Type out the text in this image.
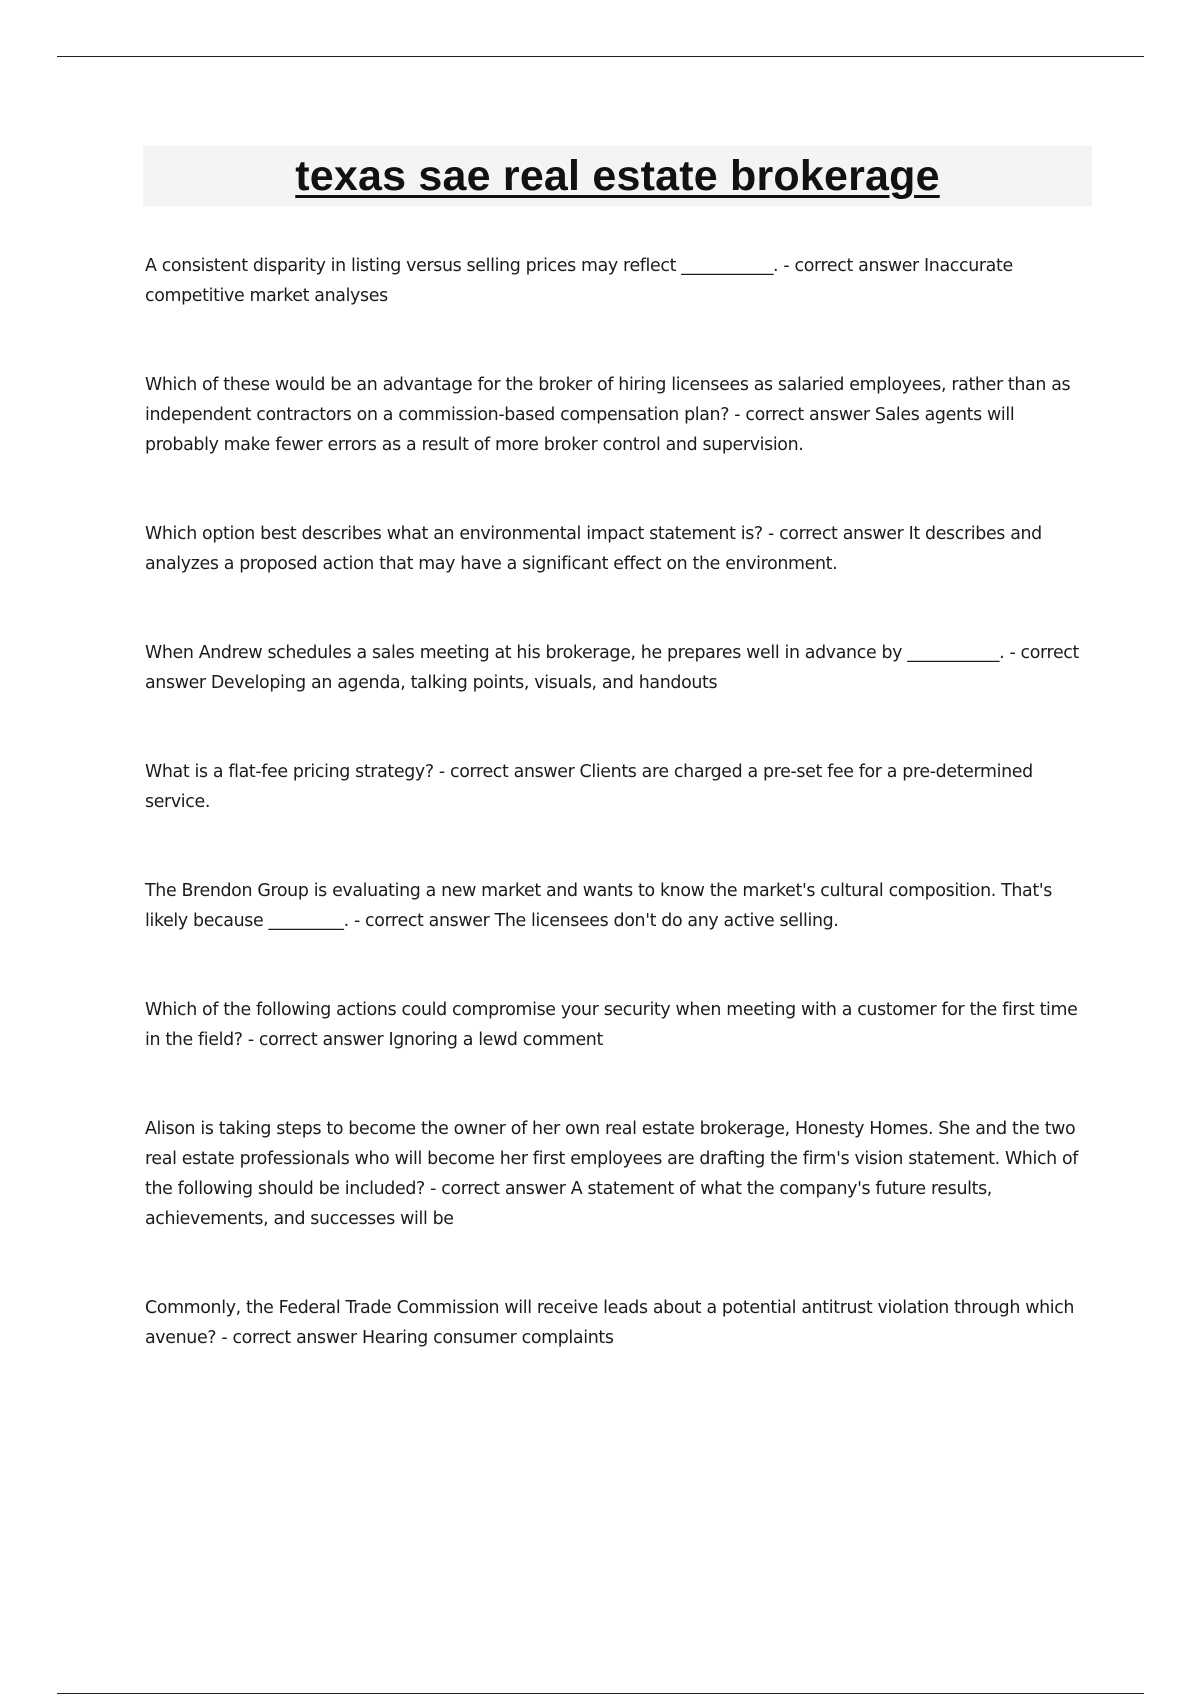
texas sae real estate brokerage

A consistent disparity in listing versus selling prices may reflect ___________. - correct answer Inaccurate competitive market analyses

Which of these would be an advantage for the broker of hiring licensees as salaried employees, rather than as independent contractors on a commission-based compensation plan? - correct answer Sales agents will probably make fewer errors as a result of more broker control and supervision.

Which option best describes what an environmental impact statement is? - correct answer It describes and analyzes a proposed action that may have a significant effect on the environment.

When Andrew schedules a sales meeting at his brokerage, he prepares well in advance by ___________. - correct answer Developing an agenda, talking points, visuals, and handouts

What is a flat-fee pricing strategy? - correct answer Clients are charged a pre-set fee for a pre-determined service.

The Brendon Group is evaluating a new market and wants to know the market's cultural composition. That's likely because _________. - correct answer The licensees don't do any active selling.

Which of the following actions could compromise your security when meeting with a customer for the first time in the field? - correct answer Ignoring a lewd comment

Alison is taking steps to become the owner of her own real estate brokerage, Honesty Homes. She and the two real estate professionals who will become her first employees are drafting the firm's vision statement. Which of the following should be included? - correct answer A statement of what the company's future results, achievements, and successes will be

Commonly, the Federal Trade Commission will receive leads about a potential antitrust violation through which avenue? - correct answer Hearing consumer complaints
